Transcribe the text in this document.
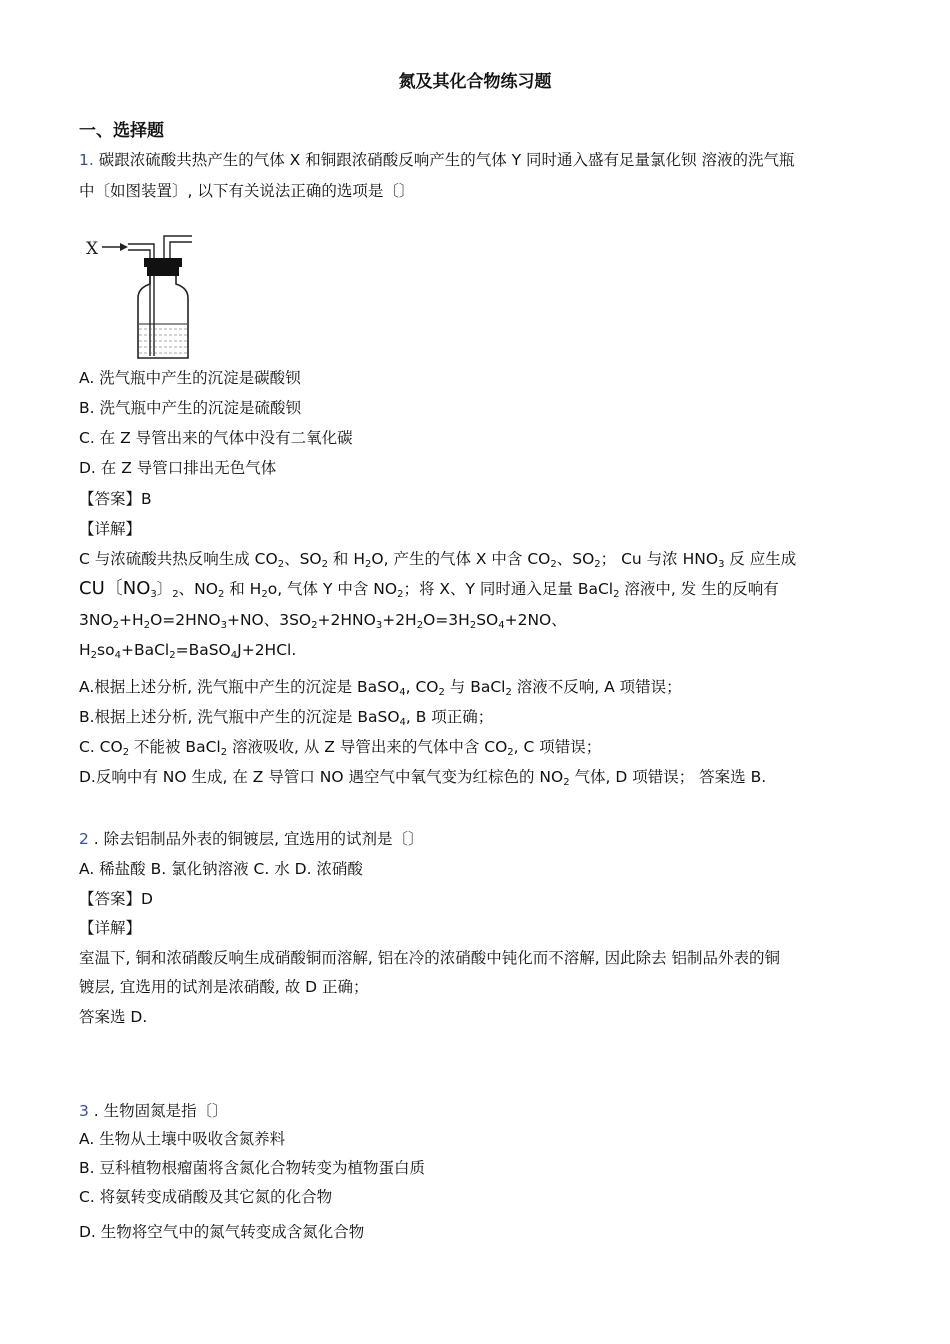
氮及其化合物练习题
一、选择题
1. 碳跟浓硫酸共热产生的气体 X 和铜跟浓硝酸反响产生的气体 Y 同时通入盛有足量氯化钡 溶液的洗气瓶
中〔如图装置〕, 以下有关说法正确的选项是〔〕
X
A. 洗气瓶中产生的沉淀是碳酸钡
B. 洗气瓶中产生的沉淀是硫酸钡
C. 在 Z 导管出来的气体中没有二氧化碳
D. 在 Z 导管口排出无色气体
【答案】B
【详解】
C 与浓硫酸共热反响生成 $CO_2$、$SO_2$ 和 $H_2O$, 产生的气体 X 中含 $CO_2$、$SO_2$； Cu 与浓 $HNO_3$ 反 应生成
CU〔$NO_3$〕$_2$、$NO_2$ 和 $H_2o$, 气体 Y 中含 $NO_2$；将 X、Y 同时通入足量 BaCl$_2$ 溶液中, 发 生的反响有
$3NO_2+H_2O=2HNO_3+NO$、$3SO_2+2HNO_3+2H_2O=3H_2SO_4+2NO$、
$H_2so_4+BaCl_2=BaSO_4J+2HCl$.
A.根据上述分析, 洗气瓶中产生的沉淀是 BaSO$_4$, $CO_2$ 与 BaCl$_2$ 溶液不反响, A 项错误；
B.根据上述分析, 洗气瓶中产生的沉淀是 BaSO$_4$, B 项正确；
C. $CO_2$ 不能被 BaCl$_2$ 溶液吸收, 从 Z 导管出来的气体中含 $CO_2$, C 项错误；
D.反响中有 NO 生成, 在 Z 导管口 NO 遇空气中氧气变为红棕色的 $NO_2$ 气体, D 项错误； 答案选 B.
2 . 除去铝制品外表的铜镀层, 宜选用的试剂是〔〕
A. 稀盐酸 B. 氯化钠溶液 C. 水 D. 浓硝酸
【答案】D
【详解】
室温下, 铜和浓硝酸反响生成硝酸铜而溶解, 铝在冷的浓硝酸中钝化而不溶解, 因此除去 铝制品外表的铜
镀层, 宜选用的试剂是浓硝酸, 故 D 正确；
答案选 D.
3 . 生物固氮是指〔〕
A. 生物从土壤中吸收含氮养料
B. 豆科植物根瘤菌将含氮化合物转变为植物蛋白质
C. 将氨转变成硝酸及其它氮的化合物
D. 生物将空气中的氮气转变成含氮化合物
